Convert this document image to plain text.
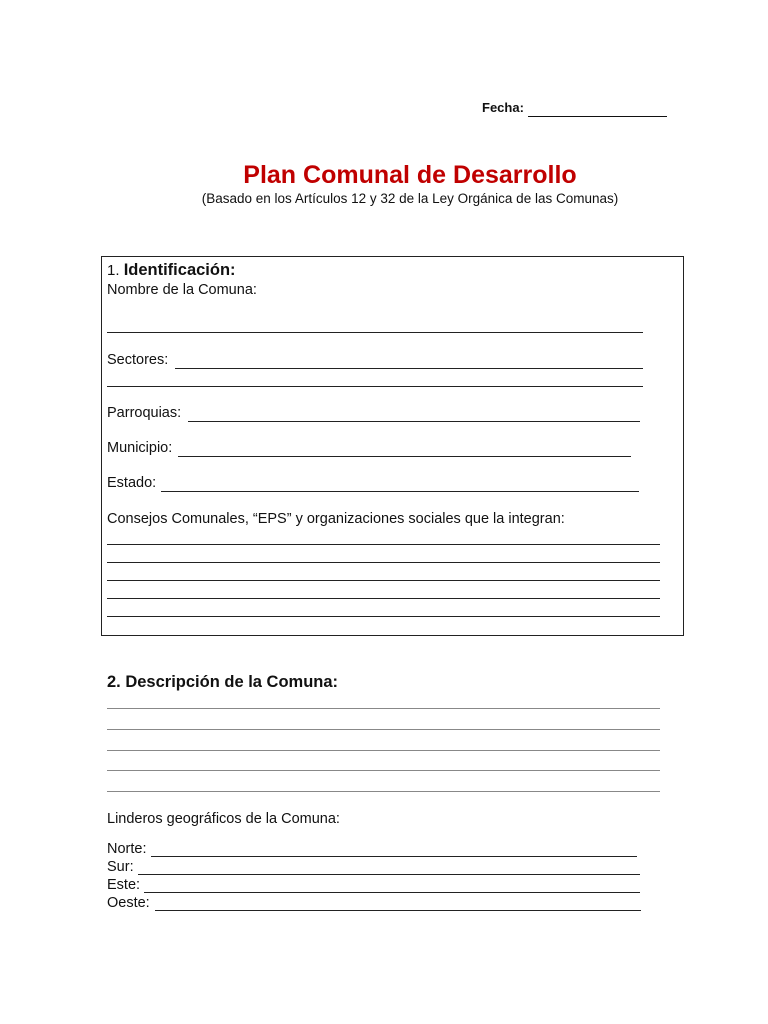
Fecha:
Plan Comunal de Desarrollo
(Basado en los Artículos 12 y 32 de la Ley Orgánica de las Comunas)
1. Identificación:
Nombre de la Comuna:
Sectores:
Parroquias:
Municipio:
Estado:
Consejos Comunales, “EPS” y organizaciones sociales que la integran:
2. Descripción de la Comuna:
Linderos geográficos de la Comuna:
Norte:
Sur:
Este:
Oeste:
